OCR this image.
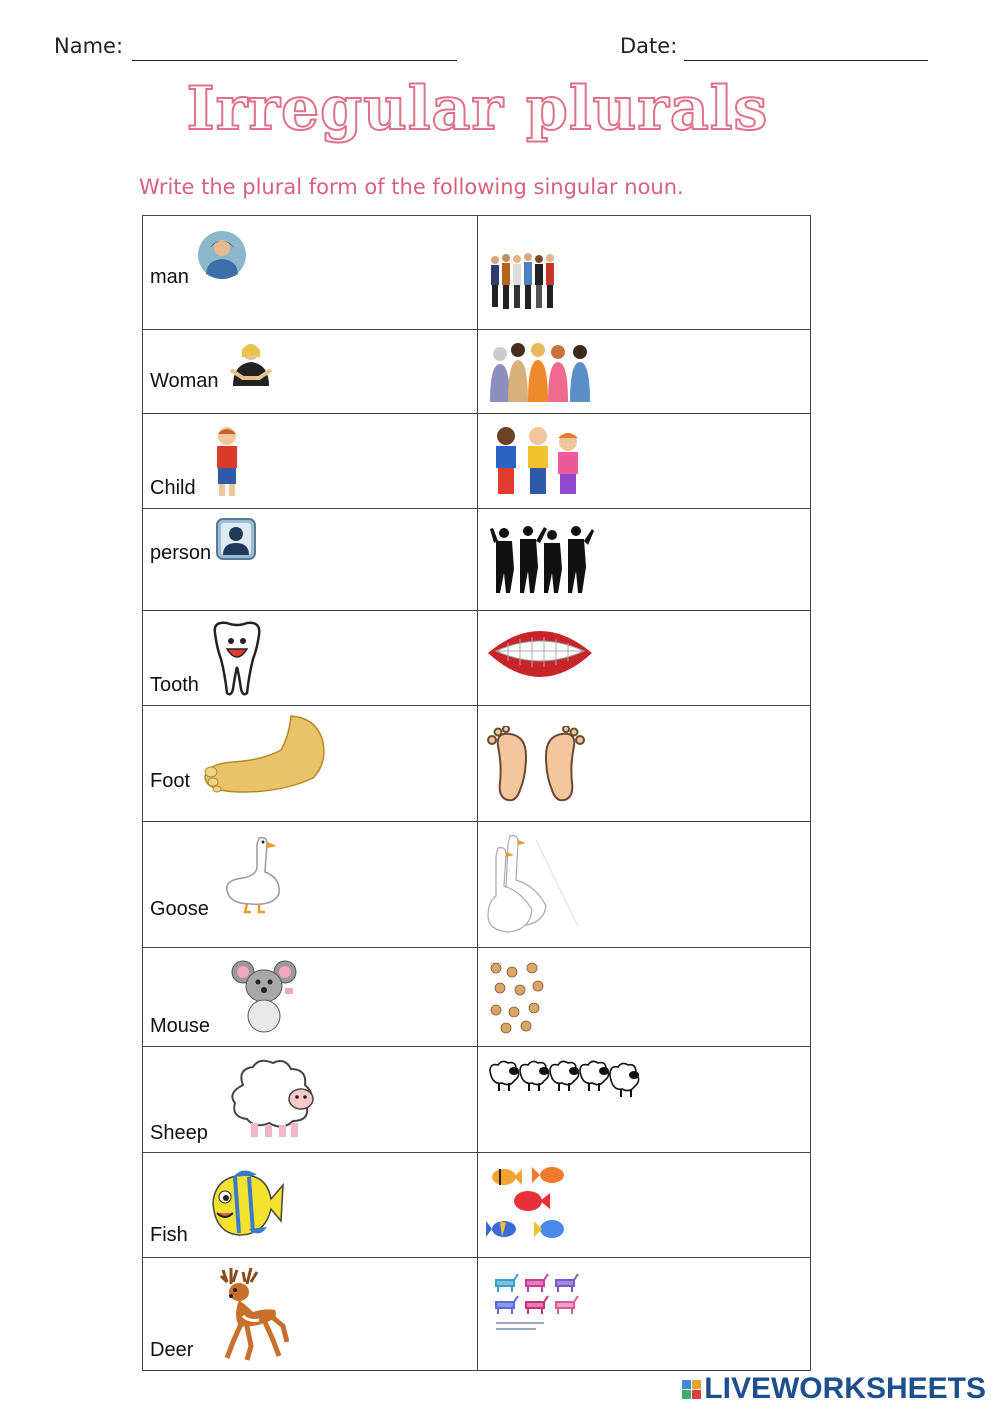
Name:	Date:
Irregular plurals
Write the plural form of the following singular noun.
man

Woman

Child

person

Tooth

Foot

Goose

Mouse

Sheep

Fish

Deer

LIVEWORKSHEETS
